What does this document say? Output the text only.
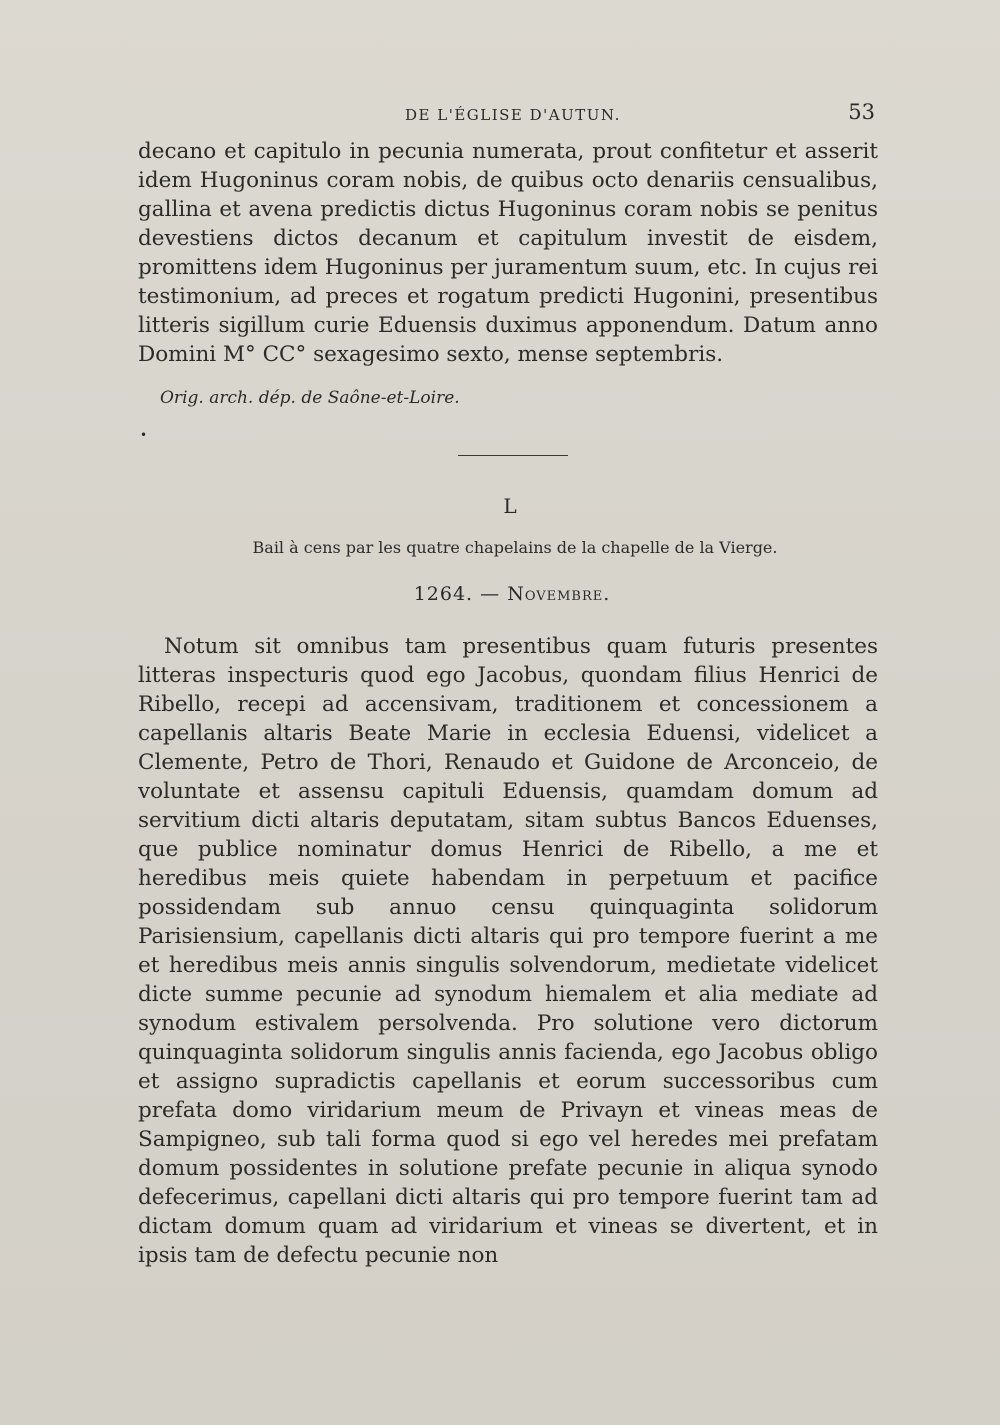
DE L'ÉGLISE D'AUTUN.	53

decano et capitulo in pecunia numerata, prout confitetur et asserit idem Hugoninus coram nobis, de quibus octo denariis censualibus, gallina et avena predictis dictus Hugoninus coram nobis se penitus devestiens dictos decanum et capitulum investit de eisdem, promittens idem Hugoninus per juramentum suum, etc. In cujus rei testimonium, ad preces et rogatum predicti Hugonini, presentibus litteris sigillum curie Eduensis duximus apponendum. Datum anno Domini M° CC° sexagesimo sexto, mense septembris.

Orig. arch. dép. de Saône-et-Loire.
•
L
Bail à cens par les quatre chapelains de la chapelle de la Vierge.
1264. — Novembre.

Notum sit omnibus tam presentibus quam futuris presentes litteras inspecturis quod ego Jacobus, quondam filius Henrici de Ribello, recepi ad accensivam, traditionem et concessionem a capellanis altaris Beate Marie in ecclesia Eduensi, videlicet a Clemente, Petro de Thori, Renaudo et Guidone de Arconceio, de voluntate et assensu capituli Eduensis, quamdam domum ad servitium dicti altaris deputatam, sitam subtus Bancos Eduenses, que publice nominatur domus Henrici de Ribello, a me et heredibus meis quiete habendam in perpetuum et pacifice possidendam sub annuo censu quinquaginta solidorum Parisiensium, capellanis dicti altaris qui pro tempore fuerint a me et heredibus meis annis singulis solvendorum, medietate videlicet dicte summe pecunie ad synodum hiemalem et alia mediate ad synodum estivalem persolvenda. Pro solutione vero dictorum quinquaginta solidorum singulis annis facienda, ego Jacobus obligo et assigno supradictis capellanis et eorum successoribus cum prefata domo viridarium meum de Privayn et vineas meas de Sampigneo, sub tali forma quod si ego vel heredes mei prefatam domum possidentes in solutione prefate pecunie in aliqua synodo defecerimus, capellani dicti altaris qui pro tempore fuerint tam ad dictam domum quam ad viridarium et vineas se divertent, et in ipsis tam de defectu pecunie non
